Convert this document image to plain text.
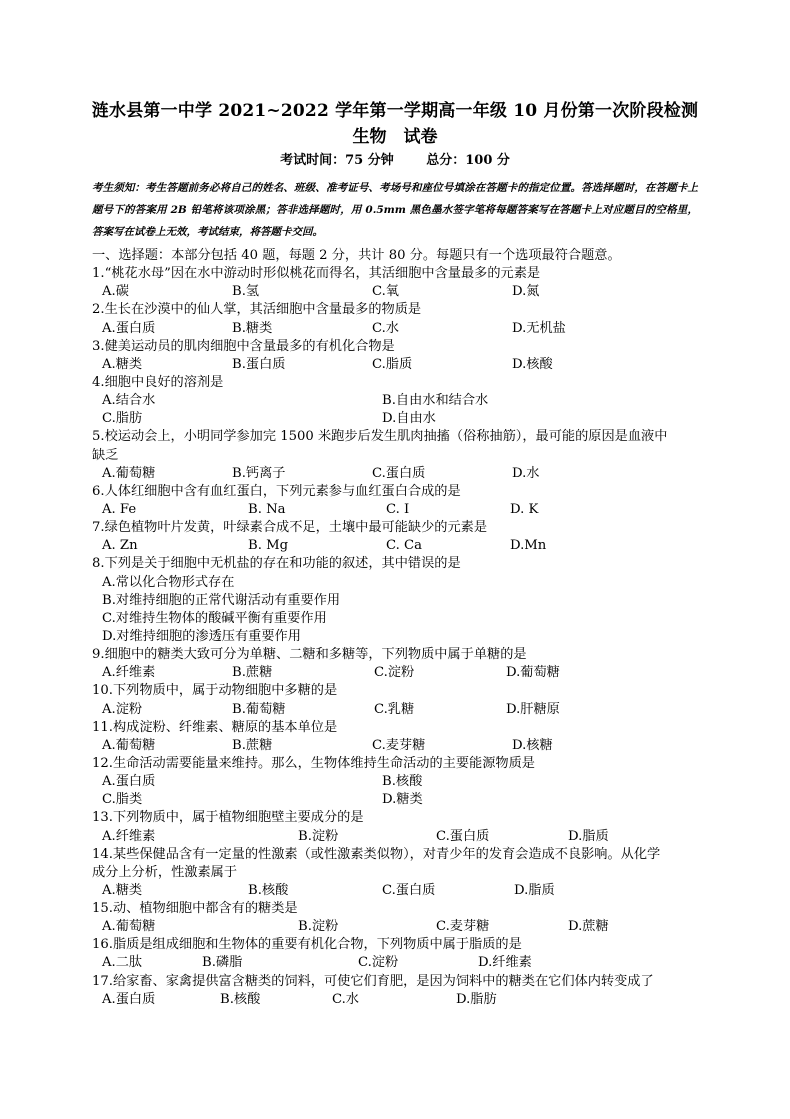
涟水县第一中学 2021~2022 学年第一学期高一年级 10 月份第一次阶段检测
生物　试卷
考试时间：75 分钟	总分：100 分
考生须知：考生答题前务必将自己的姓名、班级、准考证号、考场号和座位号填涂在答题卡的指定位置。答选择题时，在答题卡上题号下的答案用 2B 铅笔将该项涂黑；答非选择题时，用 0.5mm 黑色墨水签字笔将每题答案写在答题卡上对应题目的空格里，答案写在试卷上无效，考试结束，将答题卡交回。
一、选择题：本部分包括 40 题，每题 2 分，共计 80 分。每题只有一个选项最符合题意。
1.“桃花水母”因在水中游动时形似桃花而得名，其活细胞中含量最多的元素是
A.碳	B.氢	C.氧	D.氮
2.生长在沙漠中的仙人掌，其活细胞中含量最多的物质是
A.蛋白质	B.糖类	C.水	D.无机盐
3.健美运动员的肌肉细胞中含量最多的有机化合物是
A.糖类	B.蛋白质	C.脂质	D.核酸
4.细胞中良好的溶剂是
A.结合水	B.自由水和结合水
C.脂肪	D.自由水
5.校运动会上，小明同学参加完 1500 米跑步后发生肌肉抽搐（俗称抽筋），最可能的原因是血液中
缺乏
A.葡萄糖	B.钙离子	C.蛋白质	D.水
6.人体红细胞中含有血红蛋白，下列元素参与血红蛋白合成的是
A. Fe	B. Na	C. I	D. K
7.绿色植物叶片发黄，叶绿素合成不足，土壤中最可能缺少的元素是
A. Zn	B. Mg	C. Ca	D.Mn
8.下列是关于细胞中无机盐的存在和功能的叙述，其中错误的是
A.常以化合物形式存在
B.对维持细胞的正常代谢活动有重要作用
C.对维持生物体的酸碱平衡有重要作用
D.对维持细胞的渗透压有重要作用
9.细胞中的糖类大致可分为单糖、二糖和多糖等，下列物质中属于单糖的是
A.纤维素	B.蔗糖	C.淀粉	D.葡萄糖
10.下列物质中，属于动物细胞中多糖的是
A.淀粉	B.葡萄糖	C.乳糖	D.肝糖原
11.构成淀粉、纤维素、糖原的基本单位是
A.葡萄糖	B.蔗糖	C.麦芽糖	D.核糖
12.生命活动需要能量来维持。那么，生物体维持生命活动的主要能源物质是
A.蛋白质	B.核酸
C.脂类	D.糖类
13.下列物质中，属于植物细胞壁主要成分的是
A.纤维素	B.淀粉	C.蛋白质	D.脂质
14.某些保健品含有一定量的性激素（或性激素类似物），对青少年的发育会造成不良影响。从化学
成分上分析，性激素属于
A.糖类	B.核酸	C.蛋白质	D.脂质
15.动、植物细胞中都含有的糖类是
A.葡萄糖	B.淀粉	C.麦芽糖	D.蔗糖
16.脂质是组成细胞和生物体的重要有机化合物，下列物质中属于脂质的是
A.二肽	B.磷脂	C.淀粉	D.纤维素
17.给家畜、家禽提供富含糖类的饲料，可使它们育肥，是因为饲料中的糖类在它们体内转变成了
A.蛋白质	B.核酸	C.水	D.脂肪
